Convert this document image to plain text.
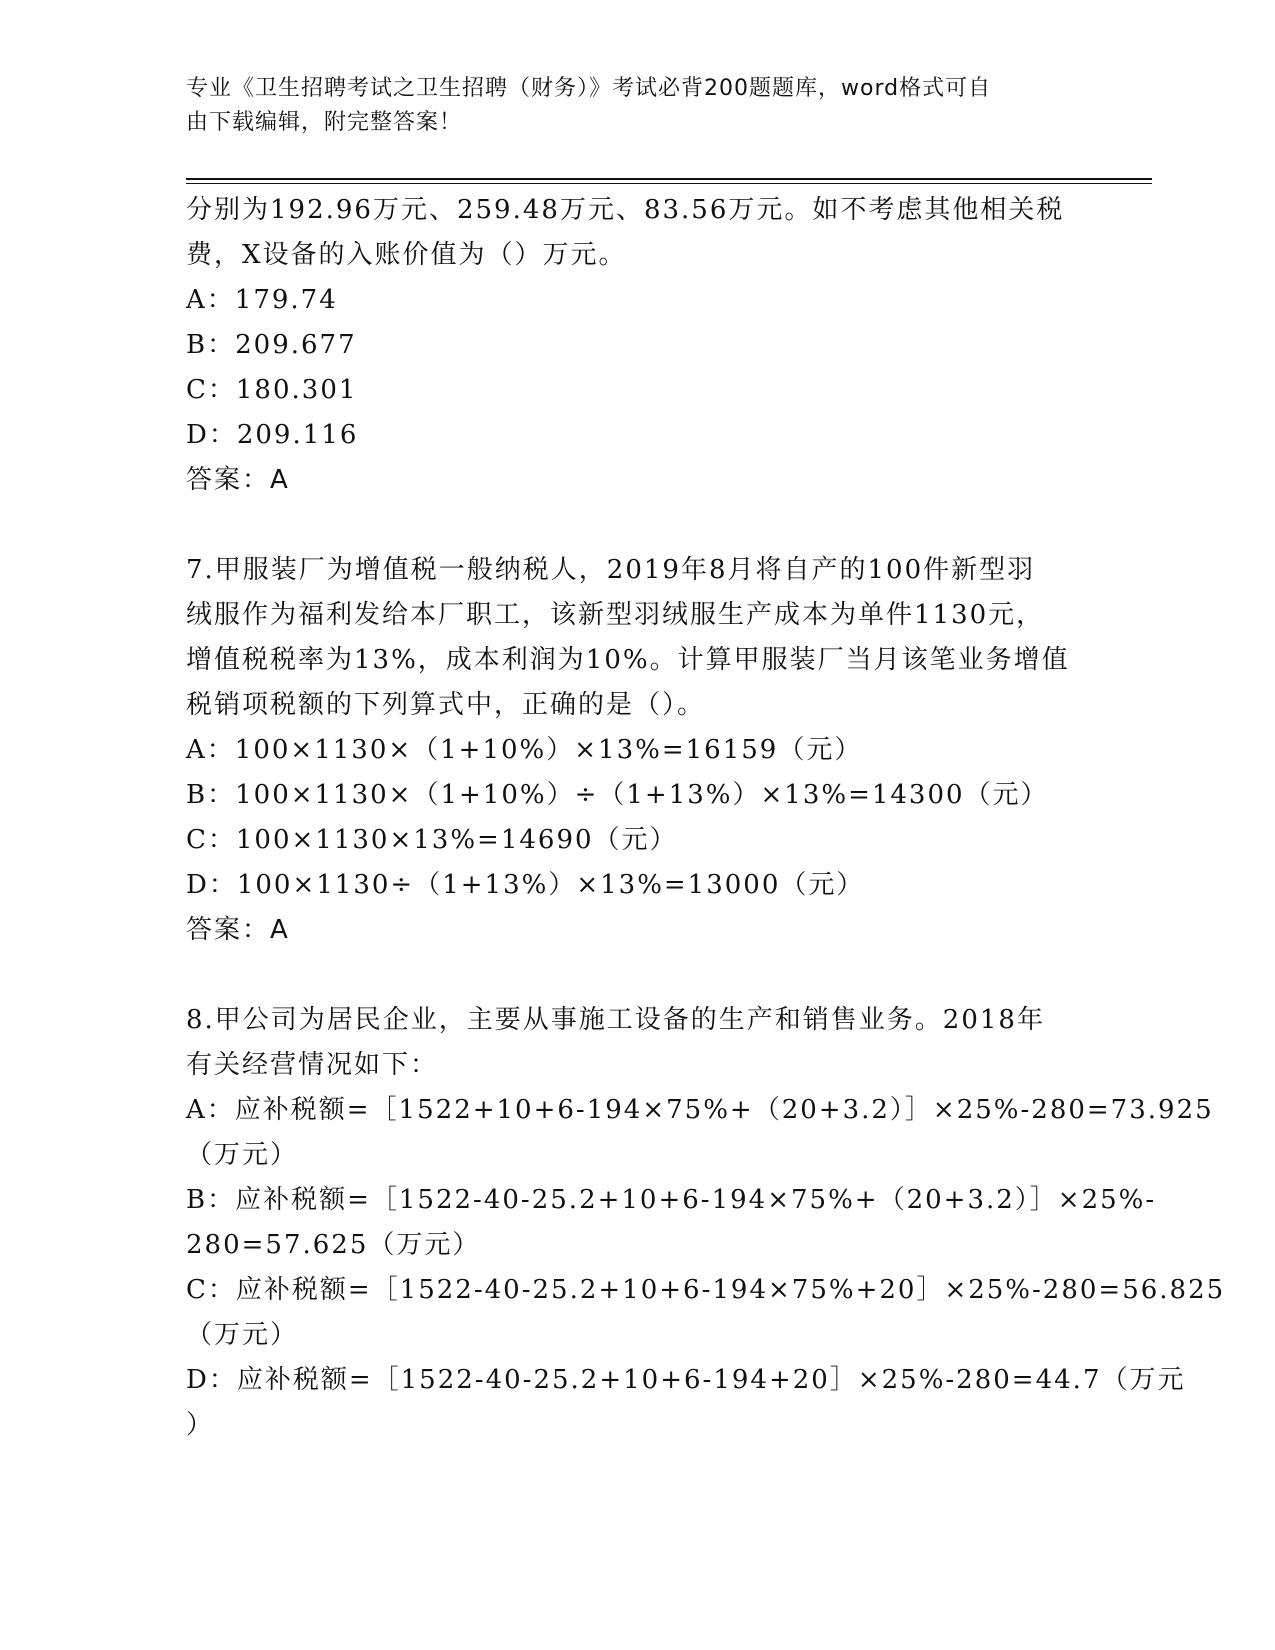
专业《卫生招聘考试之卫生招聘（财务）》考试必背200题题库，word格式可自
由下载编辑，附完整答案！
分别为192.96万元、259.48万元、83.56万元。如不考虑其他相关税
费，X设备的入账价值为（）万元。
A：179.74
B：209.677
C：180.301
D：209.116
答案：A
7.甲服装厂为增值税一般纳税人，2019年8月将自产的100件新型羽
绒服作为福利发给本厂职工，该新型羽绒服生产成本为单件1130元，
增值税税率为13%，成本利润为10%。计算甲服装厂当月该笔业务增值
税销项税额的下列算式中，正确的是（）。
A：100×1130×（1+10%）×13%=16159（元）
B：100×1130×（1+10%）÷（1+13%）×13%=14300（元）
C：100×1130×13%=14690（元）
D：100×1130÷（1+13%）×13%=13000（元）
答案：A
8.甲公司为居民企业，主要从事施工设备的生产和销售业务。2018年
有关经营情况如下：
A：应补税额=［1522+10+6-194×75%+（20+3.2）］×25%-280=73.925
（万元）
B：应补税额=［1522-40-25.2+10+6-194×75%+（20+3.2）］×25%-
280=57.625（万元）
C：应补税额=［1522-40-25.2+10+6-194×75%+20］×25%-280=56.825
（万元）
D：应补税额=［1522-40-25.2+10+6-194+20］×25%-280=44.7（万元
）
